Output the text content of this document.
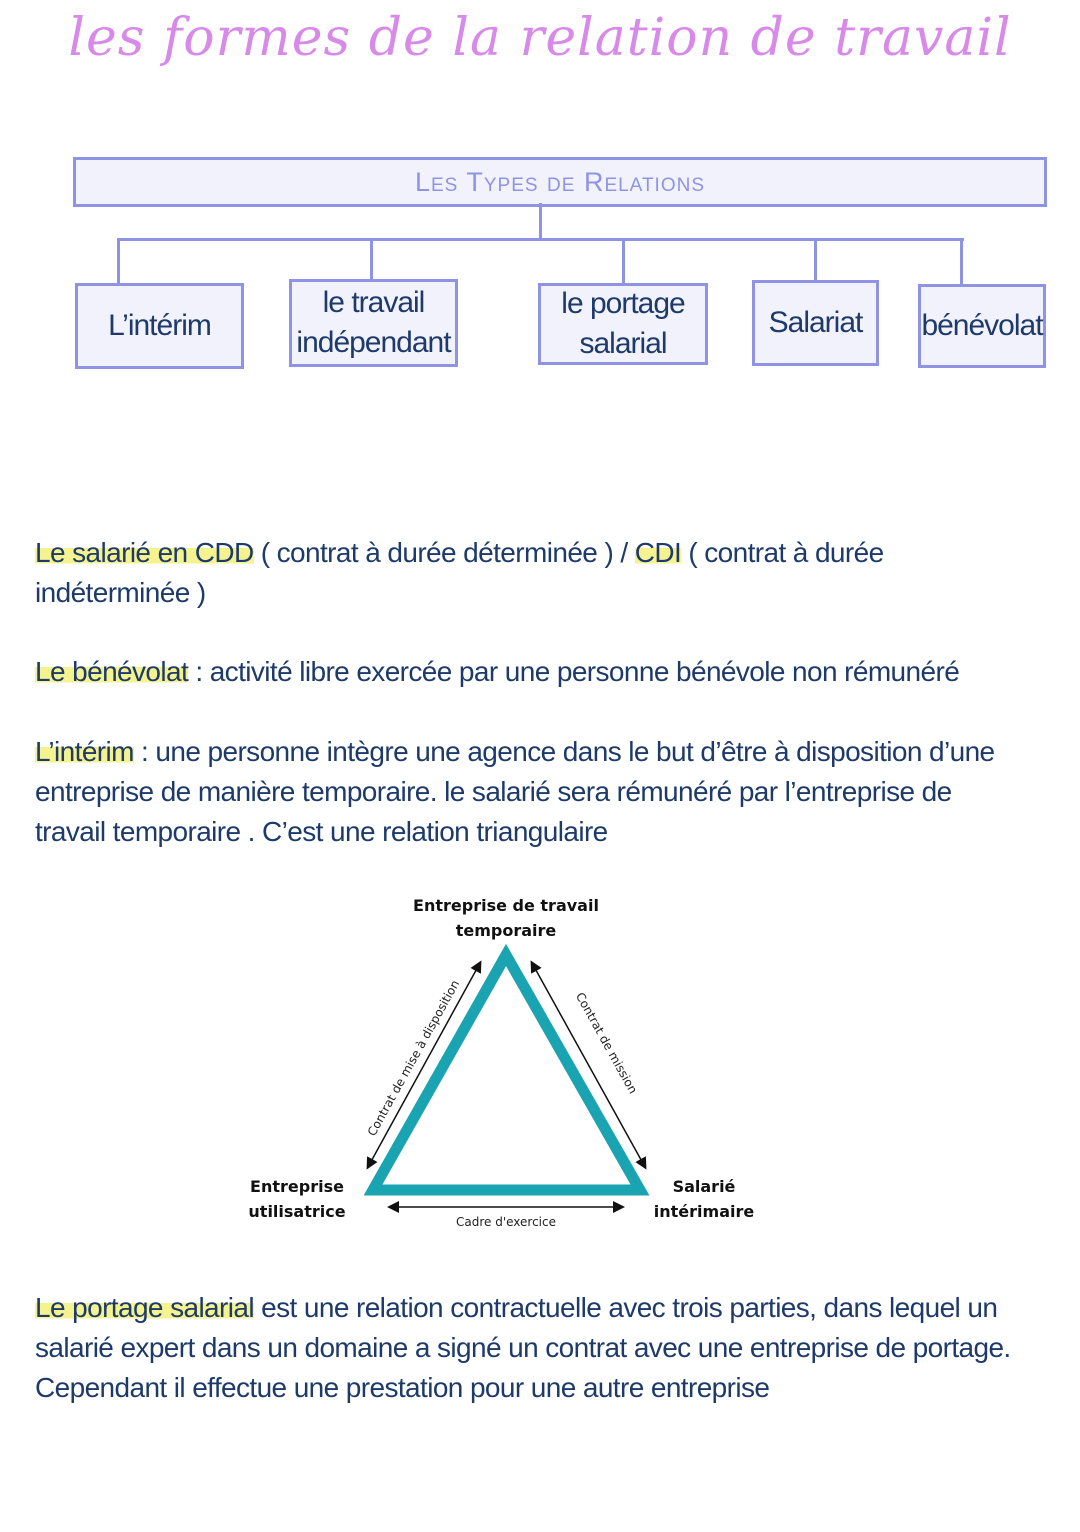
les formes de la relation de travail
Les Types de Relations
L’intérim
le travail indépendant
le portage salarial
Salariat	bénévolat
Le salarié en CDD ( contrat à durée déterminée ) / CDI ( contrat à durée indéterminée )
Le bénévolat : activité libre exercée par une personne bénévole non rémunéré
L’intérim : une personne intègre une agence dans le but d’être à disposition d’une entreprise de manière temporaire. le salarié sera rémunéré par l’entreprise de travail temporaire . C’est une relation triangulaire
Entreprise de travail
temporaire
Entreprise
utilisatrice
Salarié
intérimaire
Contrat de mise à disposition	Contrat de mission
Cadre d'exercice
Le portage salarial est une relation contractuelle avec trois parties, dans lequel un salarié expert dans un domaine a signé un contrat avec une entreprise de portage. Cependant il effectue une prestation pour une autre entreprise
